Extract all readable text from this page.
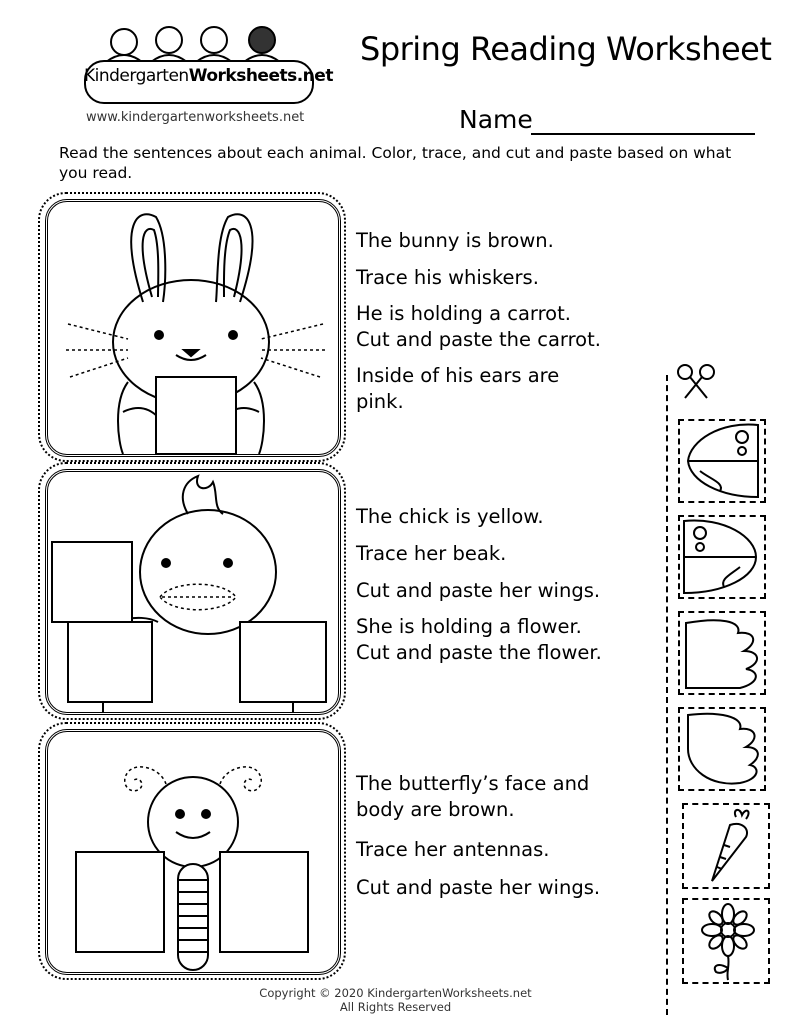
KindergartenWorksheets.net
www.kindergartenworksheets.net
Spring Reading Worksheet
Name
Read the sentences about each animal. Color, trace, and cut and paste based on what you read.
The bunny is brown.
Trace his whiskers.
He is holding a carrot.
Cut and paste the carrot.
Inside of his ears are
pink.
The chick is yellow.
Trace her beak.
Cut and paste her wings.
She is holding a flower.
Cut and paste the flower.
The butterfly’s face and
body are brown.
Trace her antennas.
Cut and paste her wings.
Copyright © 2020 KindergartenWorksheets.net
All Rights Reserved
